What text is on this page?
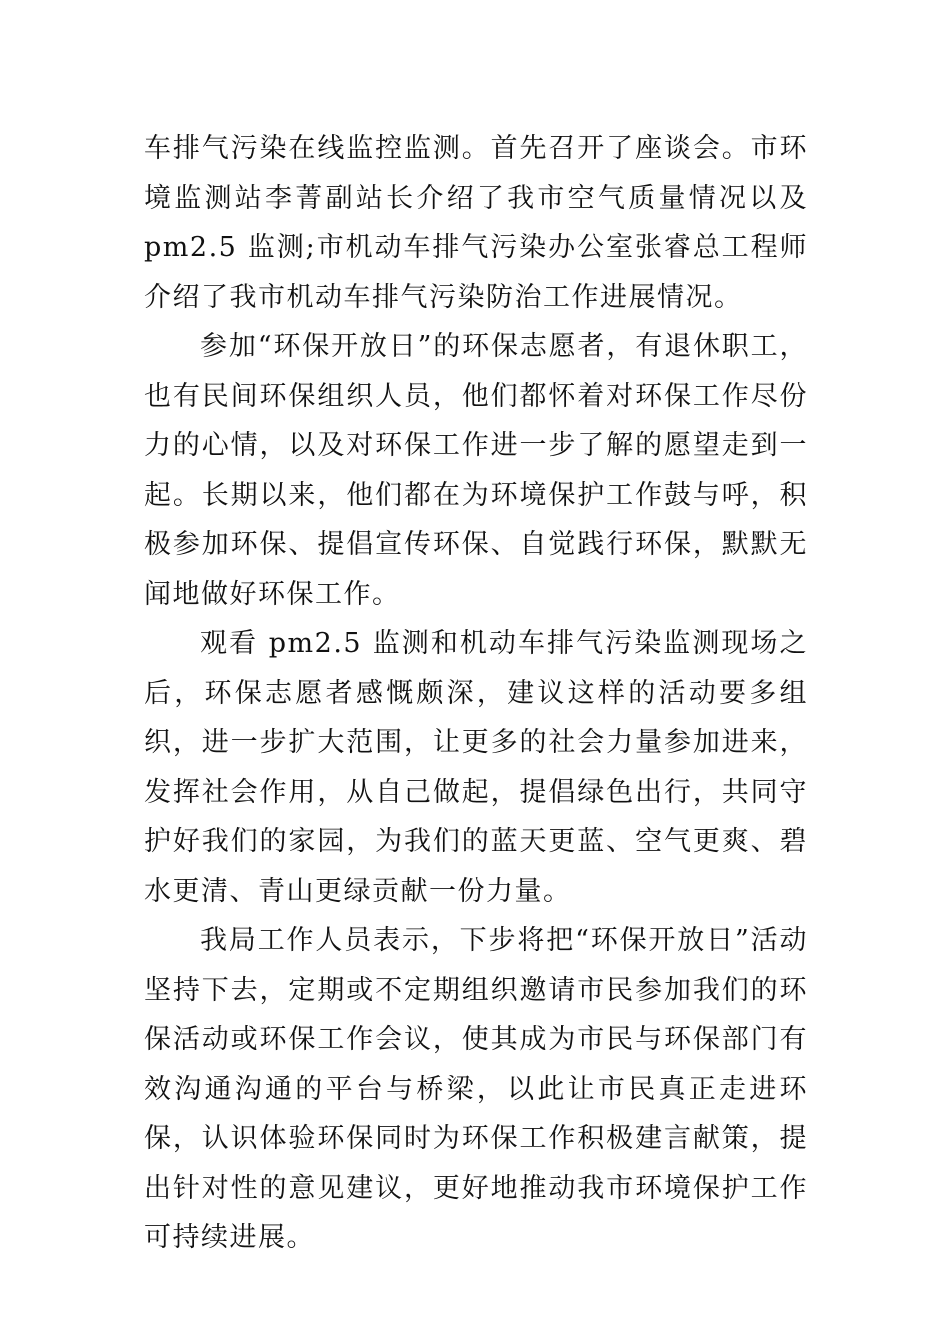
车排气污染在线监控监测。首先召开了座谈会。市环境监测站李菁副站长介绍了我市空气质量情况以及 pm2.5 监测;市机动车排气污染办公室张睿总工程师介绍了我市机动车排气污染防治工作进展情况。

参加“环保开放日”的环保志愿者，有退休职工，也有民间环保组织人员，他们都怀着对环保工作尽份力的心情，以及对环保工作进一步了解的愿望走到一起。长期以来，他们都在为环境保护工作鼓与呼，积极参加环保、提倡宣传环保、自觉践行环保，默默无闻地做好环保工作。

观看 pm2.5 监测和机动车排气污染监测现场之后，环保志愿者感慨颇深，建议这样的活动要多组织，进一步扩大范围，让更多的社会力量参加进来，发挥社会作用，从自己做起，提倡绿色出行，共同守护好我们的家园，为我们的蓝天更蓝、空气更爽、碧水更清、青山更绿贡献一份力量。

我局工作人员表示，下步将把“环保开放日”活动坚持下去，定期或不定期组织邀请市民参加我们的环保活动或环保工作会议，使其成为市民与环保部门有效沟通沟通的平台与桥梁，以此让市民真正走进环保，认识体验环保同时为环保工作积极建言献策，提出针对性的意见建议，更好地推动我市环境保护工作可持续进展。
